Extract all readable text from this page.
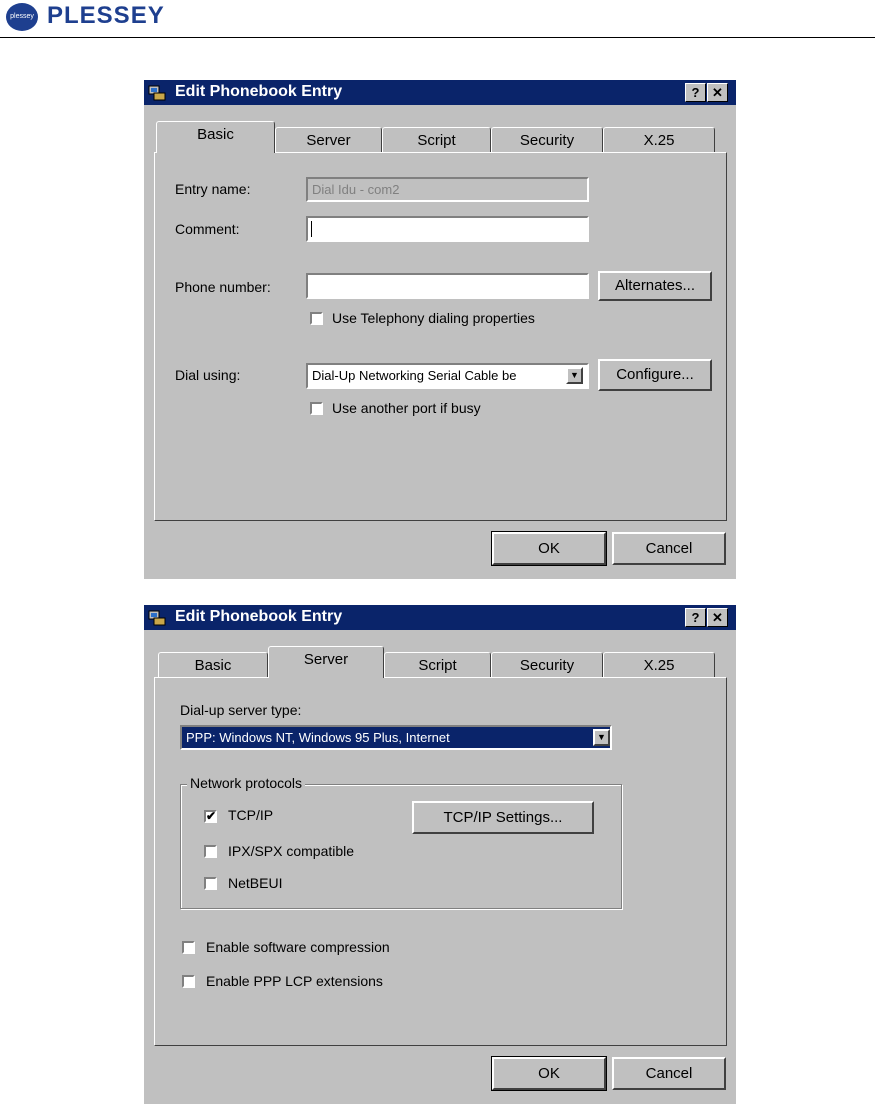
plessey PLESSEY
Edit Phonebook Entry	? ✕
Basic	Server	Script	Security	X.25
Entry name:	Dial Idu - com2
Comment:
Phone number:	Alternates...
Use Telephony dialing properties
Dial using:	Dial-Up Networking Serial Cable be	▼	Configure...
Use another port if busy
OK	Cancel
Edit Phonebook Entry	? ✕
Basic	Server	Script	Security	X.25
Dial-up server type:
PPP: Windows NT, Windows 95 Plus, Internet	▼
Network protocols
✔ TCP/IP	TCP/IP Settings...
IPX/SPX compatible
NetBEUI
Enable software compression
Enable PPP LCP extensions
OK	Cancel
